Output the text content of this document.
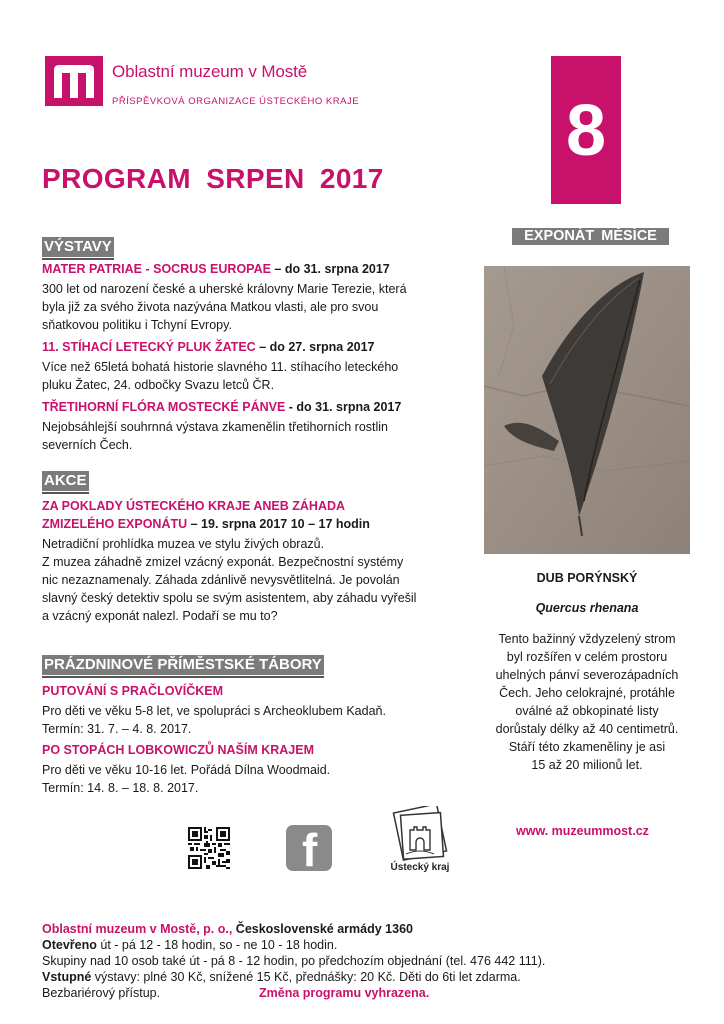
Oblastní muzeum v Mostě
PŘÍSPĚVKOVÁ ORGANIZACE ÚSTECKÉHO KRAJE	8
PROGRAM SRPEN 2017
VÝSTAVY
MATER PATRIAE - SOCRUS EUROPAE – do 31. srpna 2017
300 let od narození české a uherské královny Marie Terezie, která
byla již za svého života nazývána Matkou vlasti, ale pro svou
sňatkovou politiku i Tchyní Evropy.
11. STÍHACÍ LETECKÝ PLUK ŽATEC – do 27. srpna 2017
Více než 65letá bohatá historie slavného 11. stíhacího leteckého
pluku Žatec, 24. odbočky Svazu letců ČR.
TŘETIHORNÍ FLÓRA MOSTECKÉ PÁNVE - do 31. srpna 2017
Nejobsáhlejší souhrnná výstava zkamenělin třetihorních rostlin
severních Čech.
AKCE
ZA POKLADY ÚSTECKÉHO KRAJE ANEB ZÁHADA
ZMIZELÉHO EXPONÁTU – 19. srpna 2017 10 – 17 hodin
Netradiční prohlídka muzea ve stylu živých obrazů.
Z muzea záhadně zmizel vzácný exponát. Bezpečnostní systémy
nic nezaznamenaly. Záhada zdánlivě nevysvětlitelná. Je povolán
slavný český detektiv spolu se svým asistentem, aby záhadu vyřešil
a vzácný exponát nalezl. Podaří se mu to?
PRÁZDNINOVÉ PŘÍMĚSTSKÉ TÁBORY
PUTOVÁNÍ S PRAČLOVÍČKEM
Pro děti ve věku 5-8 let, ve spolupráci s Archeoklubem Kadaň.
Termín: 31. 7. – 4. 8. 2017.
PO STOPÁCH LOBKOWICZŮ NAŠÍM KRAJEM
Pro děti ve věku 10-16 let. Pořádá Dílna Woodmaid.
Termín: 14. 8. – 18. 8. 2017.
EXPONÁT MĚSÍCE
DUB PORÝNSKÝ
Quercus rhenana
Tento bažinný vždyzelený strom
byl rozšířen v celém prostoru
uhelných pánví severozápadních
Čech. Jeho celokrajné, protáhle
oválné až obkopinaté listy
dorůstaly délky až 40 centimetrů.
Stáří této zkameněliny je asi
15 až 20 milionů let.
www. muzeummost.cz
f	Ústecký kraj
Oblastní muzeum v Mostě, p. o., Československé armády 1360
Otevřeno út - pá 12 - 18 hodin, so - ne 10 - 18 hodin.
Skupiny nad 10 osob také út - pá 8 - 12 hodin, po předchozím objednání (tel. 476 442 111).
Vstupné výstavy: plné 30 Kč, snížené 15 Kč, přednášky: 20 Kč. Děti do 6ti let zdarma.
Bezbariérový přístup.	Změna programu vyhrazena.
